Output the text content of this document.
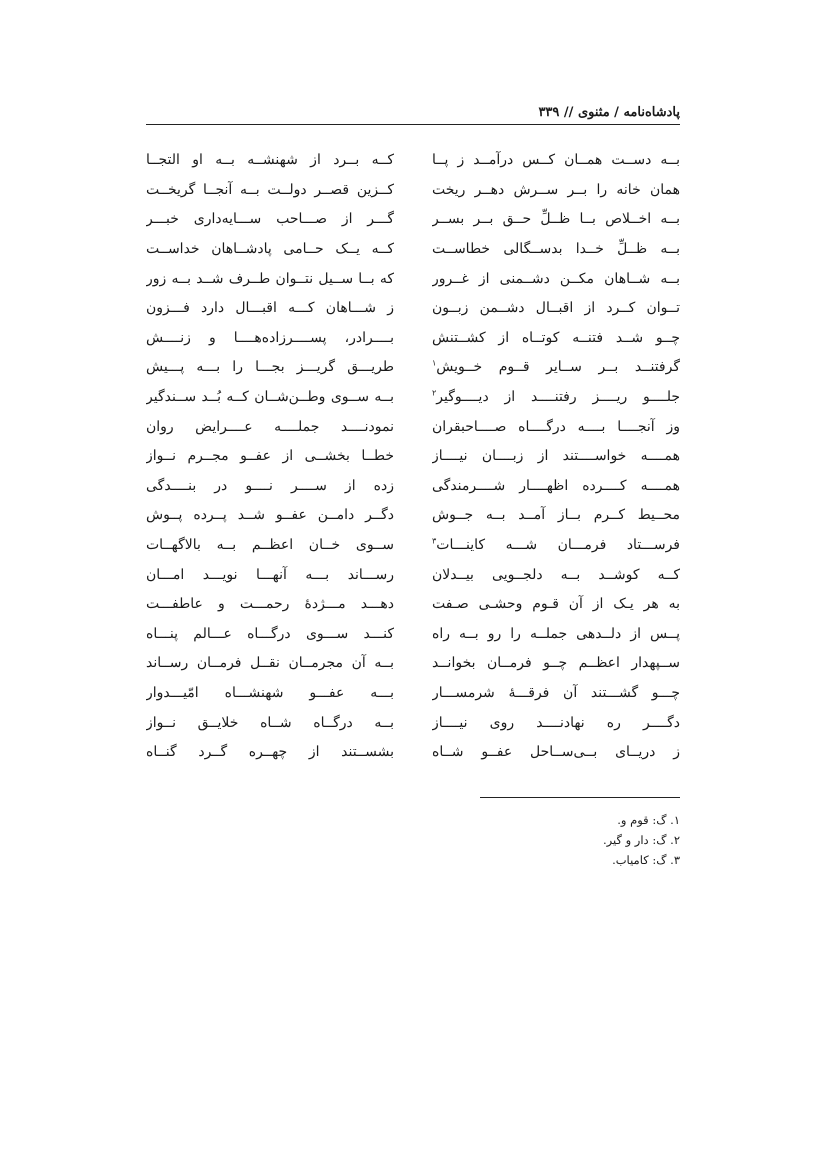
پادشاه‌نامه / مثنوی // ۳۳۹
بــه دســت همــان کــس درآمــد ز پــا
کــه بــرد از شهنشــه بــه او التجــا
همان خانه را بــر ســرش دهــر ریخت
کــزین قصــر دولــت بــه آنجــا گریخــت
بــه اخــلاص بــا ظــلِّ حــق بــر بســر
گـــر از صـــاحب ســـایه‌داری خبـــر
بــه ظــلِّ خــدا بدســگالی خطاســت
کــه یــک حــامی پادشــاهان خداســت
بــه شــاهان مکــن دشــمنی از غــرور
که بــا ســیل نتــوان طــرف شــد بــه زور
تــوان کــرد از اقبــال دشــمن زبــون
ز شـــاهان کـــه اقبـــال دارد فـــزون
چــو شــد فتنــه کوتــاه از کشــتنش
بــــرادر، پســــرزاده‌هــــا و زنــــش
گرفتنــد بــر ســایر قــوم خــویش$^۱$
طریـــق گریـــز بجـــا را بـــه پـــیش
جلــــو ریــــز رفتنــــد از دیــــوگیر$^۲$
بــه ســوی وطــن‌شــان کــه بُــد ســندگیر
وز آنجــــا بــــه درگــــاه صــــاحبقران
نمودنــــد جملــــه عــــرایض روان
همــــه خواســــتند از زبــــان نیــــاز
خطــا بخشــی از عفــو مجــرم نــواز
همــــه کــــرده اظهــــار شــــرمندگی
زده از ســــر نــــو در بنــــدگی
محــیط کــرم بــاز آمــد بــه جــوش
دگــر دامــن عفــو شــد پــرده پــوش
فرســـتاد فرمـــان شـــه کاینـــات$^۳$
ســوی خــان اعظــم بــه بالاگهــات
کــه کوشــد بــه دلجــویی بیــدلان
رســـاند بـــه آنهـــا نویـــد امـــان
به هر یـک از آن قـوم وحشـی صـفت
دهـــد مـــژدهٔ رحمـــت و عاطفـــت
پــس از دلــدهی جملــه را رو بــه راه
کنـــد ســـوی درگـــاه عـــالم پنـــاه
ســپهدار اعظــم چــو فرمــان بخوانــد
بــه آن مجرمــان نقــل فرمــان رســاند
چـــو گشـــتند آن فرقـــهٔ شرمســـار
بـــه عفـــو شهنشـــاه امّیـــدوار
دگــــر ره نهادنــــد روی نیــــاز
بــه درگــاه شــاه خلایــق نــواز
ز دریــای بــی‌ســاحل عفــو شــاه
بشســتند از چهــره گــرد گنــاه
۱. گ: قوم و.
۲. گ: دار و گیر.
۳. گ: کامیاب.
